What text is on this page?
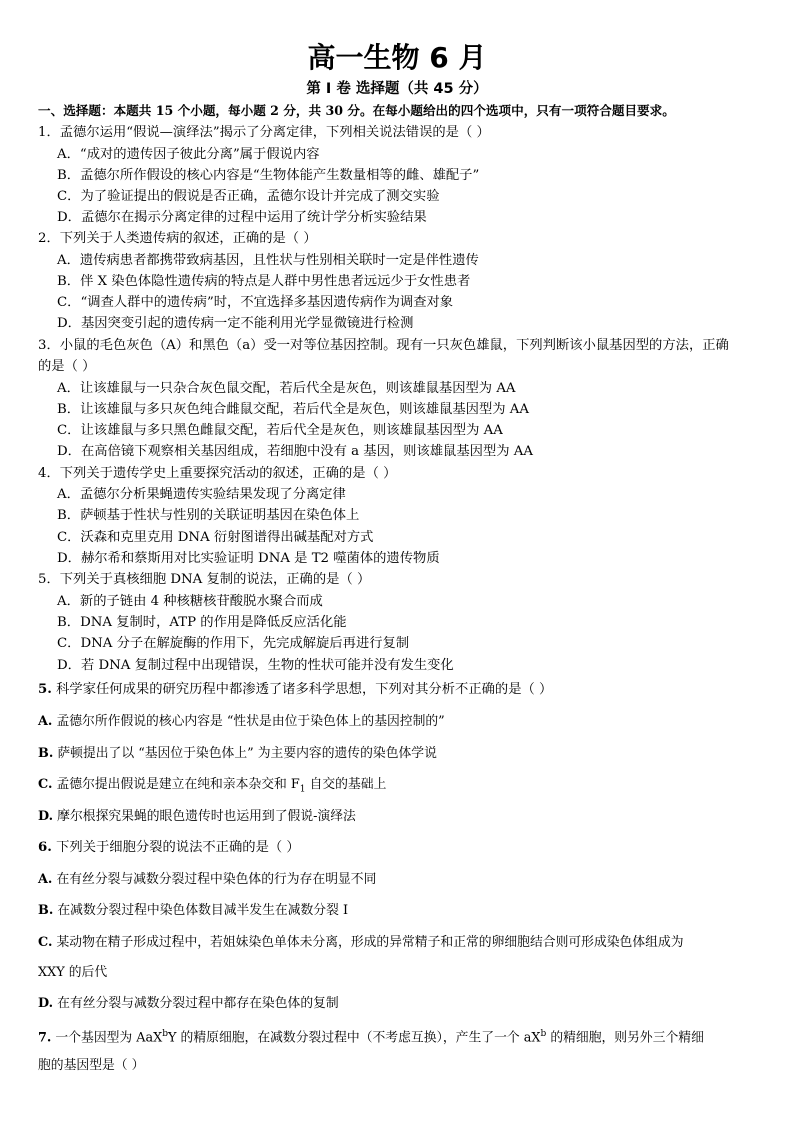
高一生物 6 月
第 Ⅰ 卷 选择题（共 45 分）
一、选择题：本题共 15 个小题，每小题 2 分，共 30 分。在每小题给出的四个选项中，只有一项符合题目要求。
1．孟德尔运用“假说—演绎法”揭示了分离定律，下列相关说法错误的是（ ）
A．“成对的遗传因子彼此分离”属于假说内容
B．孟德尔所作假设的核心内容是“生物体能产生数量相等的雌、雄配子”
C．为了验证提出的假说是否正确，孟德尔设计并完成了测交实验
D．孟德尔在揭示分离定律的过程中运用了统计学分析实验结果
2．下列关于人类遗传病的叙述，正确的是（ ）
A．遗传病患者都携带致病基因，且性状与性别相关联时一定是伴性遗传
B．伴 X 染色体隐性遗传病的特点是人群中男性患者远远少于女性患者
C．“调查人群中的遗传病”时，不宜选择多基因遗传病作为调查对象
D．基因突变引起的遗传病一定不能利用光学显微镜进行检测
3．小鼠的毛色灰色（A）和黑色（a）受一对等位基因控制。现有一只灰色雄鼠，下列判断该小鼠基因型的方法，正确
的是（ ）
A．让该雄鼠与一只杂合灰色鼠交配，若后代全是灰色，则该雄鼠基因型为 AA
B．让该雄鼠与多只灰色纯合雌鼠交配，若后代全是灰色，则该雄鼠基因型为 AA
C．让该雄鼠与多只黑色雌鼠交配，若后代全是灰色，则该雄鼠基因型为 AA
D．在高倍镜下观察相关基因组成，若细胞中没有 a 基因，则该雄鼠基因型为 AA
4．下列关于遗传学史上重要探究活动的叙述，正确的是（ ）
A．孟德尔分析果蝇遗传实验结果发现了分离定律
B．萨顿基于性状与性别的关联证明基因在染色体上
C．沃森和克里克用 DNA 衍射图谱得出碱基配对方式
D．赫尔希和蔡斯用对比实验证明 DNA 是 T2 噬菌体的遗传物质
5．下列关于真核细胞 DNA 复制的说法，正确的是（ ）
A．新的子链由 4 种核糖核苷酸脱水聚合而成
B．DNA 复制时，ATP 的作用是降低反应活化能
C．DNA 分子在解旋酶的作用下，先完成解旋后再进行复制
D．若 DNA 复制过程中出现错误，生物的性状可能并没有发生变化
5. 科学家任何成果的研究历程中都渗透了诸多科学思想，下列对其分析不正确的是（ ）
A. 孟德尔所作假说的核心内容是 “性状是由位于染色体上的基因控制的”
B. 萨顿提出了以 “基因位于染色体上” 为主要内容的遗传的染色体学说
C. 孟德尔提出假说是建立在纯和亲本杂交和 $F_1$ 自交的基础上
D. 摩尔根探究果蝇的眼色遗传时也运用到了假说-演绎法
6. 下列关于细胞分裂的说法不正确的是（ ）
A. 在有丝分裂与减数分裂过程中染色体的行为存在明显不同
B. 在减数分裂过程中染色体数目减半发生在减数分裂 I
C. 某动物在精子形成过程中，若姐妹染色单体未分离，形成的异常精子和正常的卵细胞结合则可形成染色体组成为
XXY 的后代
D. 在有丝分裂与减数分裂过程中都存在染色体的复制
7. 一个基因型为 AaX$^b$Y 的精原细胞，在减数分裂过程中（不考虑互换），产生了一个 $aX^b$ 的精细胞，则另外三个精细
胞的基因型是（ ）
